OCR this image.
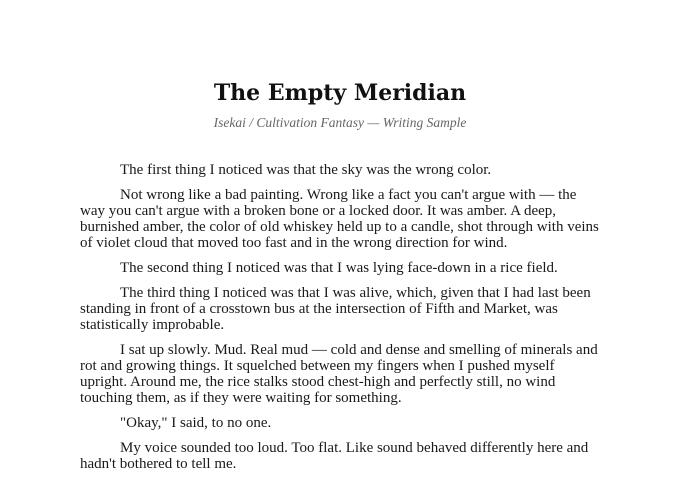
The Empty Meridian
Isekai / Cultivation Fantasy — Writing Sample

The first thing I noticed was that the sky was the wrong color.

Not wrong like a bad painting. Wrong like a fact you can't argue with — the way you can't argue with a broken bone or a locked door. It was amber. A deep, burnished amber, the color of old whiskey held up to a candle, shot through with veins of violet cloud that moved too fast and in the wrong direction for wind.

The second thing I noticed was that I was lying face-down in a rice field.

The third thing I noticed was that I was alive, which, given that I had last been standing in front of a crosstown bus at the intersection of Fifth and Market, was statistically improbable.

I sat up slowly. Mud. Real mud — cold and dense and smelling of minerals and rot and growing things. It squelched between my fingers when I pushed myself upright. Around me, the rice stalks stood chest-high and perfectly still, no wind touching them, as if they were waiting for something.

"Okay," I said, to no one.

My voice sounded too loud. Too flat. Like sound behaved differently here and hadn't bothered to tell me.
